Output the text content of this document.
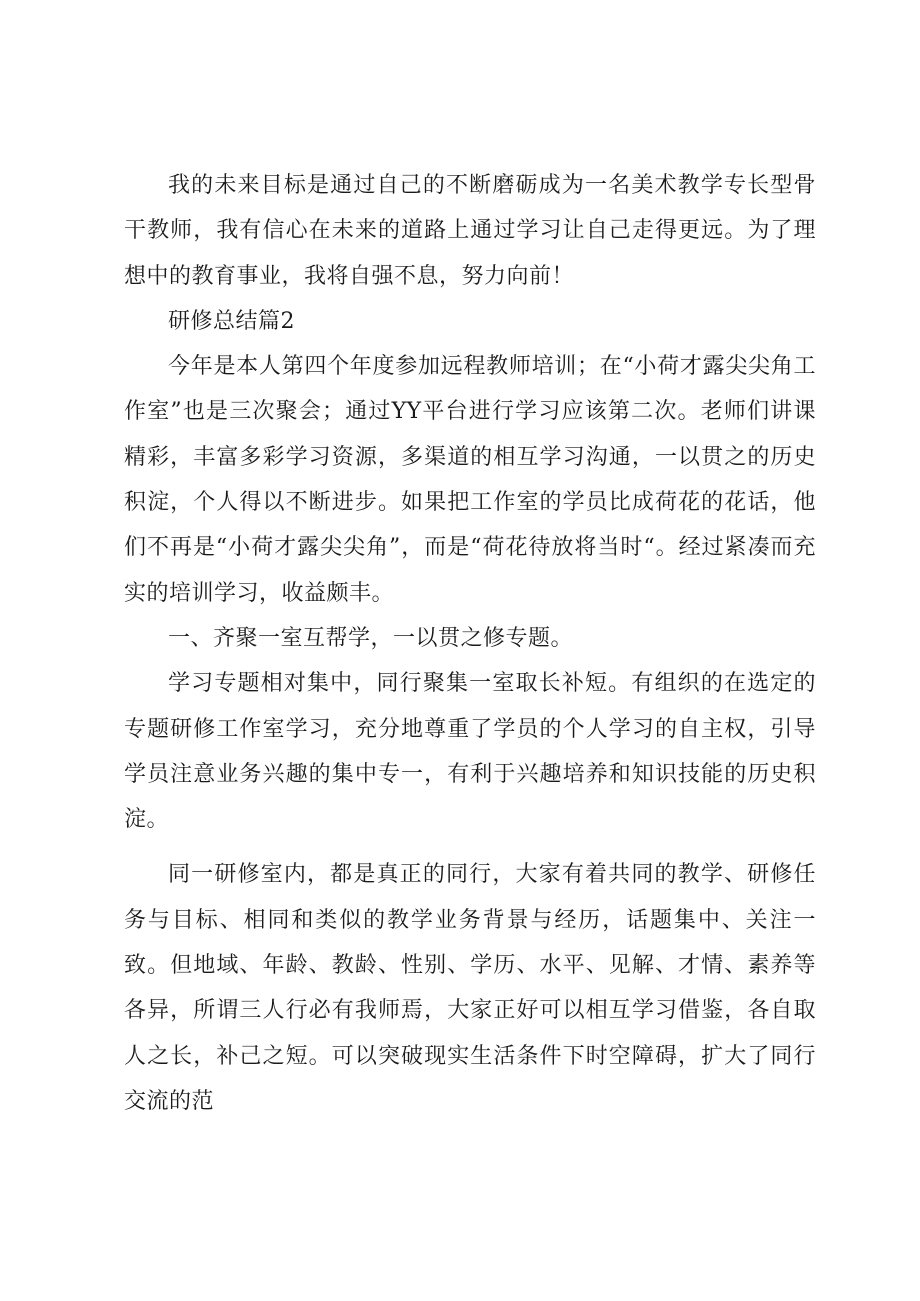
我的未来目标是通过自己的不断磨砺成为一名美术教学专长型骨干教师，我有信心在未来的道路上通过学习让自己走得更远。为了理想中的教育事业，我将自强不息，努力向前！

研修总结篇2

今年是本人第四个年度参加远程教师培训；在“小荷才露尖尖角工作室”也是三次聚会；通过YY平台进行学习应该第二次。老师们讲课精彩，丰富多彩学习资源，多渠道的相互学习沟通，一以贯之的历史积淀，个人得以不断进步。如果把工作室的学员比成荷花的花话，他们不再是“小荷才露尖尖角”，而是“荷花待放将当时“。经过紧凑而充实的培训学习，收益颇丰。

一、齐聚一室互帮学，一以贯之修专题。

学习专题相对集中，同行聚集一室取长补短。有组织的在选定的专题研修工作室学习，充分地尊重了学员的个人学习的自主权，引导学员注意业务兴趣的集中专一，有利于兴趣培养和知识技能的历史积淀。

同一研修室内，都是真正的同行，大家有着共同的教学、研修任务与目标、相同和类似的教学业务背景与经历，话题集中、关注一致。但地域、年龄、教龄、性别、学历、水平、见解、才情、素养等各异，所谓三人行必有我师焉，大家正好可以相互学习借鉴，各自取人之长，补己之短。可以突破现实生活条件下时空障碍，扩大了同行交流的范
